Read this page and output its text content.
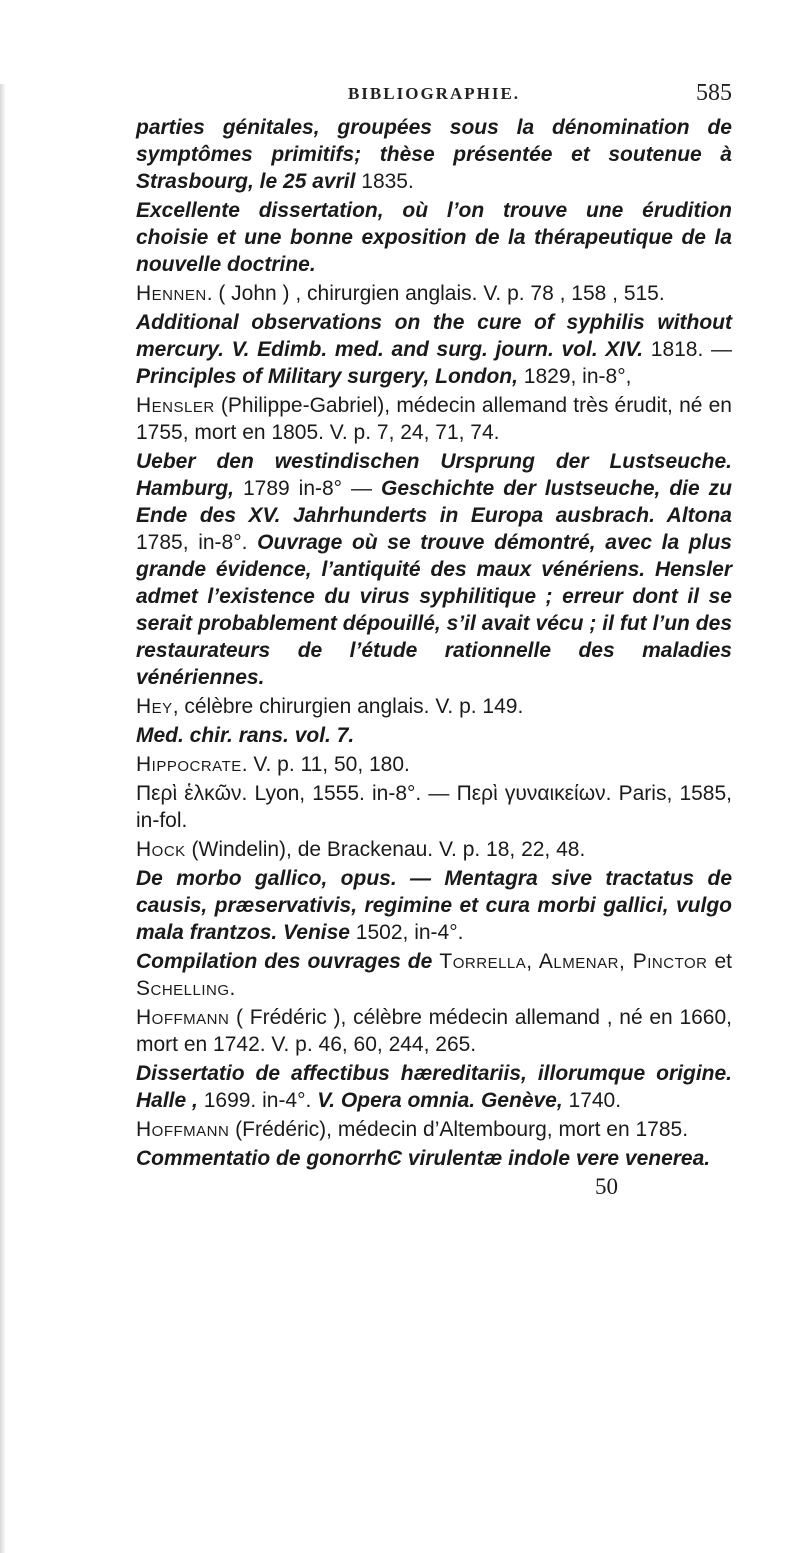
BIBLIOGRAPHIE.	585

parties génitales, groupées sous la dénomination de symptômes primitifs; thèse présentée et soutenue à Strasbourg, le 25 avril 1835.

Excellente dissertation, où l’on trouve une érudition choisie et une bonne exposition de la thérapeutique de la nouvelle doctrine.

Hennen. ( John ) , chirurgien anglais. V. p. 78 , 158 , 515.

Additional observations on the cure of syphilis without mercury. V. Edimb. med. and surg. journ. vol. XIV. 1818. — Principles of Military surgery, London, 1829, in-8°,

Hensler (Philippe-Gabriel), médecin allemand très érudit, né en 1755, mort en 1805. V. p. 7, 24, 71, 74.

Ueber den westindischen Ursprung der Lustseuche. Hamburg, 1789 in-8° — Geschichte der lustseuche, die zu Ende des XV. Jahrhunderts in Europa ausbrach. Altona 1785, in-8°. Ouvrage où se trouve démontré, avec la plus grande évidence, l’antiquité des maux vénériens. Hensler admet l’existence du virus syphilitique ; erreur dont il se serait probablement dépouillé, s’il avait vécu ; il fut l’un des restaurateurs de l’étude rationnelle des maladies vénériennes.

Hey, célèbre chirurgien anglais. V. p. 149.

Med. chir. rans. vol. 7.

Hippocrate. V. p. 11, 50, 180.

Περὶ ἑλκῶν. Lyon, 1555. in-8°. — Περὶ γυναικείων. Paris, 1585, in-fol.

Hock (Windelin), de Brackenau. V. p. 18, 22, 48.

De morbo gallico, opus. — Mentagra sive tractatus de causis, præservativis, regimine et cura morbi gallici, vulgo mala frantzos. Venise 1502, in-4°.

Compilation des ouvrages de Torrella, Almenar, Pinctor et Schelling.

Hoffmann ( Frédéric ), célèbre médecin allemand , né en 1660, mort en 1742. V. p. 46, 60, 244, 265.

Dissertatio de affectibus hæreditariis, illorumque origine. Halle , 1699. in-4°. V. Opera omnia. Genève, 1740.

Hoffmann (Frédéric), médecin d’Altembourg, mort en 1785.

Commentatio de gonorrhϾ virulentæ indole vere venerea.

50
